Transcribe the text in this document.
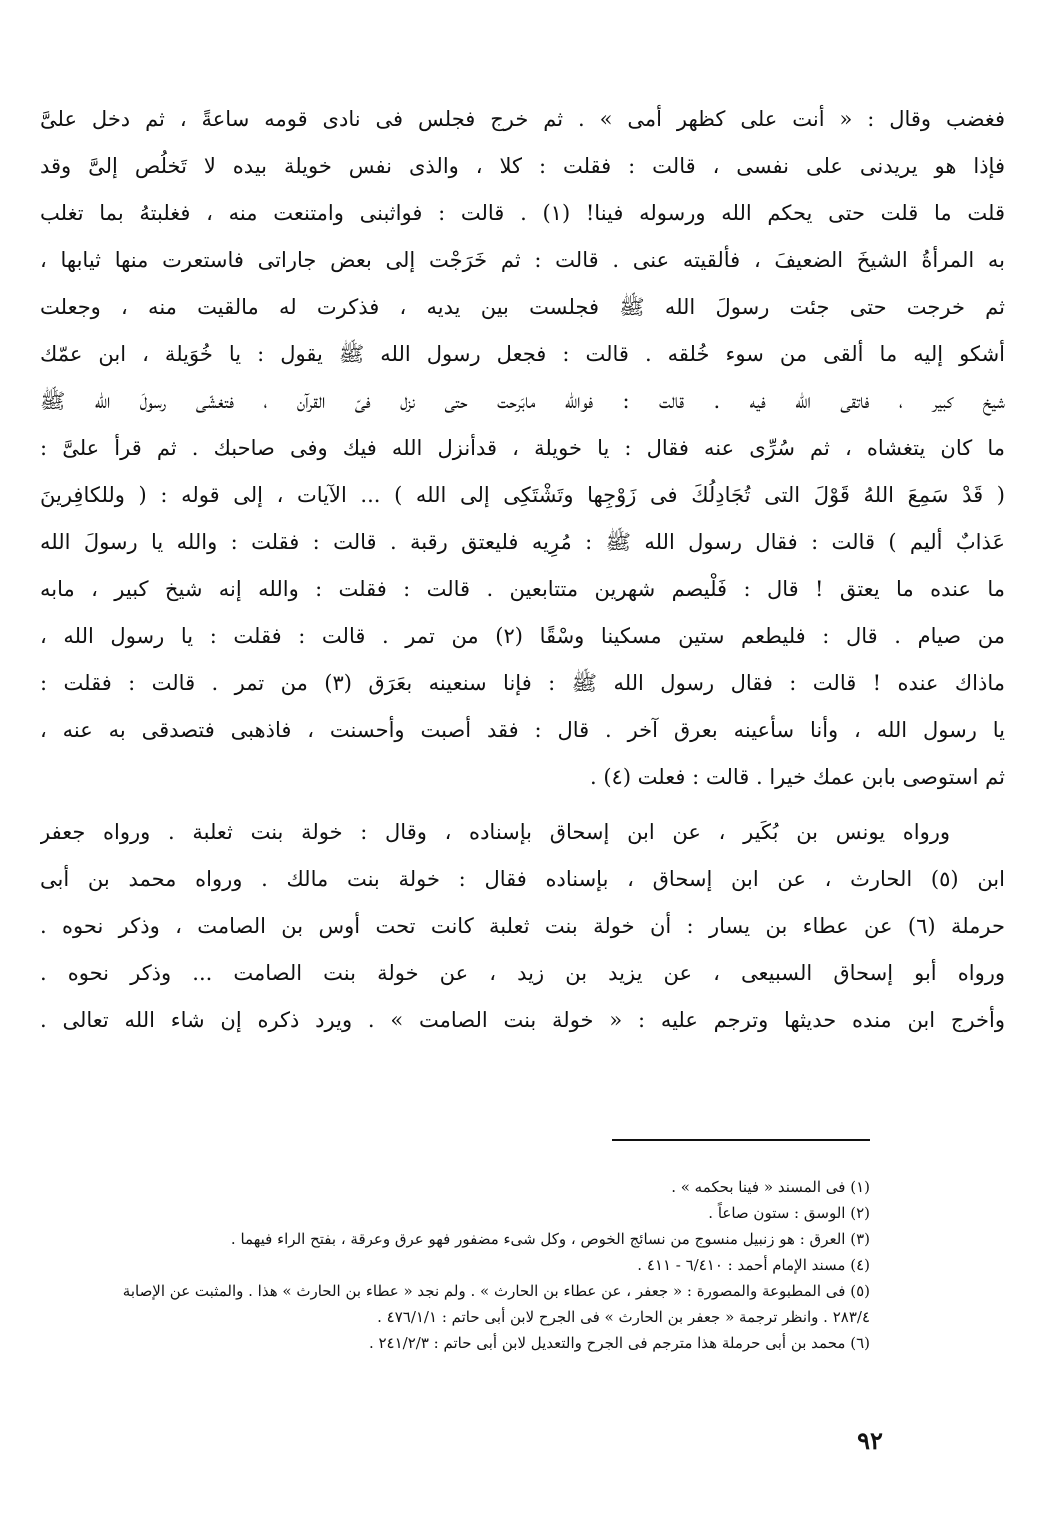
فغضب وقال : « أنت على كظهر أمى » . ثم خرج فجلس فى نادى قومه ساعةً ، ثم دخل علىَّ
فإذا هو يريدنى على نفسى ، قالت : فقلت : كلا ، والذى نفس خويلة بيده لا تَخلُص إلىَّ وقد
قلت ما قلت حتى يحكم الله ورسوله فينا! (١) . قالت : فواثبنى وامتنعت منه ، فغلبتهُ بما تغلب
به المرأةُ الشيخَ الضعيفَ ، فألقيته عنى . قالت : ثم خَرَجْت إلى بعض جاراتى فاستعرت منها ثيابها ،
ثم خرجت حتى جئت رسولَ الله ﷺ فجلست بين يديه ، فذكرت له مالقيت منه ، وجعلت
أشكو إليه ما ألقى من سوء خُلقه . قالت : فجعل رسول الله ﷺ يقول : يا خُوَيلة ، ابن عمّك
شيخ كبير ، فاتقى الله فيه . قالت : فوالله مابَرحت حتى نزل فىّ القرآن ، فتغشّى رسولَ الله ﷺ
ما كان يتغشاه ، ثم سُرِّى عنه فقال : يا خويلة ، قدأنزل الله فيك وفى صاحبك . ثم قرأ علىَّ :
( قَدْ سَمِعَ اللهُ قَوْلَ التى تُجَادِلُكَ فى زَوْجِها وتَشْتَكِى إلى الله ) ... الآيات ، إلى قوله : ( وللكافِرينَ
عَذابٌ أليم ) قالت : فقال رسول الله ﷺ : مُرِيه فليعتق رقبة . قالت : فقلت : والله يا رسولَ الله
ما عنده ما يعتق ! قال : فَلْيصم شهرين متتابعين . قالت : فقلت : والله إنه شيخ كبير ، مابه
من صيام . قال : فليطعم ستين مسكينا وسْقًا (٢) من تمر . قالت : فقلت : يا رسول الله ،
ماذاك عنده ! قالت : فقال رسول الله ﷺ : فإنا سنعينه بعَرَق (٣) من تمر . قالت : فقلت :
يا رسول الله ، وأنا سأعينه بعرق آخر . قال : فقد أصبت وأحسنت ، فاذهبى فتصدقى به عنه ،
ثم استوصى بابن عمك خيرا . قالت : فعلت (٤) .
ورواه يونس بن بُكَير ، عن ابن إسحاق بإسناده ، وقال : خولة بنت ثعلبة . ورواه جعفر
ابن (٥) الحارث ، عن ابن إسحاق ، بإسناده فقال : خولة بنت مالك . ورواه محمد بن أبى
حرملة (٦) عن عطاء بن يسار : أن خولة بنت ثعلبة كانت تحت أوس بن الصامت ، وذكر نحوه .
ورواه أبو إسحاق السبيعى ، عن يزيد بن زيد ، عن خولة بنت الصامت ... وذكر نحوه .
وأخرج ابن منده حديثها وترجم عليه : « خولة بنت الصامت » . ويرد ذكره إن شاء الله تعالى .
(١) فى المسند « فينا بحكمه » .
(٢) الوسق : ستون صاعاً .
(٣) العرق : هو زنبيل منسوج من نسائج الخوص ، وكل شىء مضفور فهو عرق وعرقة ، بفتح الراء فيهما .
(٤) مسند الإمام أحمد : ٦/٤١٠ - ٤١١ .
(٥) فى المطبوعة والمصورة : « جعفر ، عن عطاء بن الحارث » . ولم نجد « عطاء بن الحارث » هذا . والمثبت عن الإصابة
٢٨٣/٤ . وانظر ترجمة « جعفر بن الحارث » فى الجرح لابن أبى حاتم : ٤٧٦/١/١ .
(٦) محمد بن أبى حرملة هذا مترجم فى الجرح والتعديل لابن أبى حاتم : ٢٤١/٢/٣ .
٩٢
